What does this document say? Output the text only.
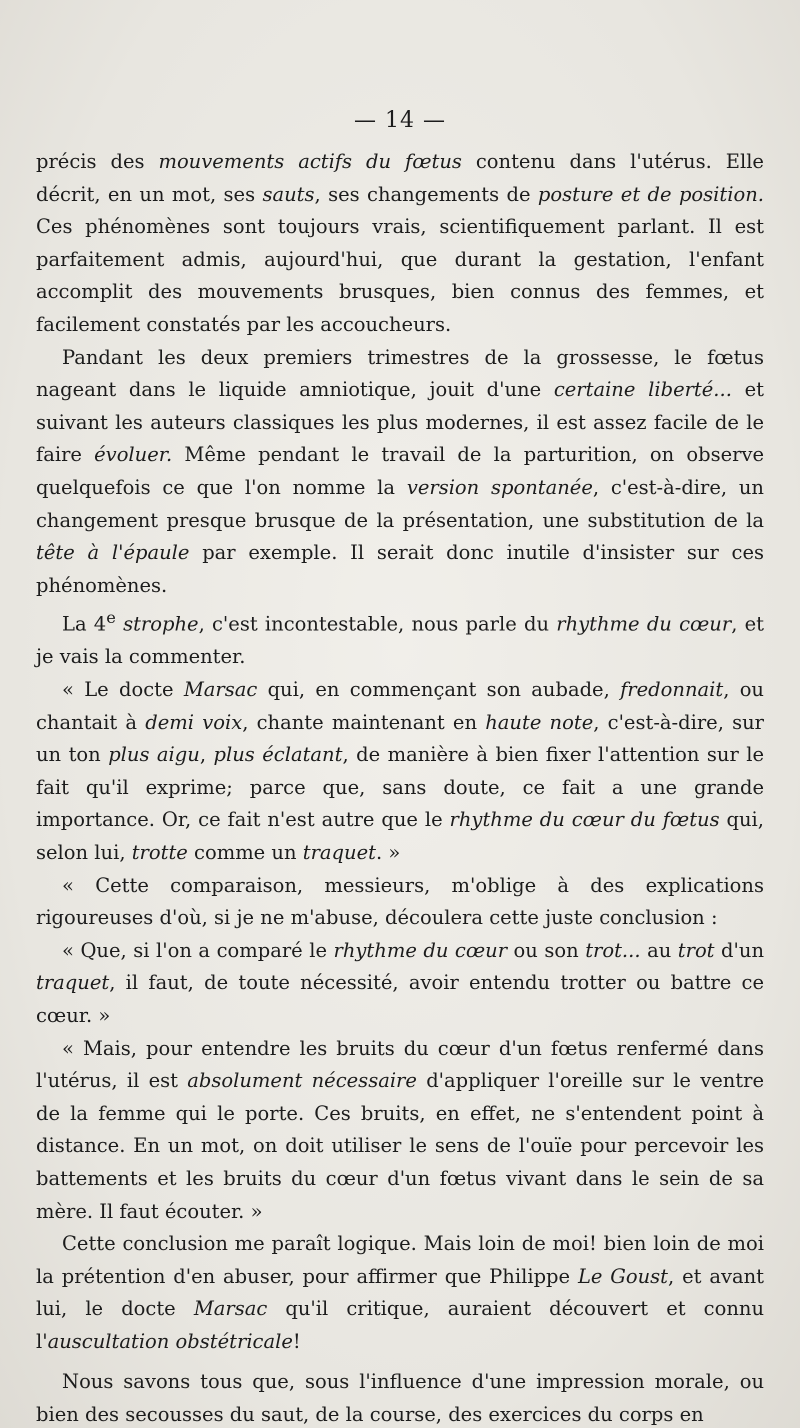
— 14 —

précis des mouvements actifs du fœtus contenu dans l'utérus. Elle décrit, en un mot, ses sauts, ses changements de posture et de position. Ces phénomènes sont toujours vrais, scientifiquement parlant. Il est parfaitement admis, aujourd'hui, que durant la gestation, l'enfant accomplit des mouvements brusques, bien connus des femmes, et facilement constatés par les accoucheurs.

Pandant les deux premiers trimestres de la grossesse, le fœtus nageant dans le liquide amniotique, jouit d'une certaine liberté... et suivant les auteurs classiques les plus modernes, il est assez facile de le faire évoluer. Même pendant le travail de la parturition, on observe quelquefois ce que l'on nomme la version spontanée, c'est-à-dire, un changement presque brusque de la présentation, une substitution de la tête à l'épaule par exemple. Il serait donc inutile d'insister sur ces phénomènes.

La 4e strophe, c'est incontestable, nous parle du rhythme du cœur, et je vais la commenter.

« Le docte Marsac qui, en commençant son aubade, fredonnait, ou chantait à demi voix, chante maintenant en haute note, c'est-à-dire, sur un ton plus aigu, plus éclatant, de manière à bien fixer l'attention sur le fait qu'il exprime; parce que, sans doute, ce fait a une grande importance. Or, ce fait n'est autre que le rhythme du cœur du fœtus qui, selon lui, trotte comme un traquet. »

« Cette comparaison, messieurs, m'oblige à des explications rigoureuses d'où, si je ne m'abuse, découlera cette juste conclusion :

« Que, si l'on a comparé le rhythme du cœur ou son trot... au trot d'un traquet, il faut, de toute nécessité, avoir entendu trotter ou battre ce cœur. »

« Mais, pour entendre les bruits du cœur d'un fœtus renfermé dans l'utérus, il est absolument nécessaire d'appliquer l'oreille sur le ventre de la femme qui le porte. Ces bruits, en effet, ne s'entendent point à distance. En un mot, on doit utiliser le sens de l'ouïe pour percevoir les battements et les bruits du cœur d'un fœtus vivant dans le sein de sa mère. Il faut écouter. »

Cette conclusion me paraît logique. Mais loin de moi! bien loin de moi la prétention d'en abuser, pour affirmer que Philippe Le Goust, et avant lui, le docte Marsac qu'il critique, auraient découvert et connu l'auscultation obstétricale!

Nous savons tous que, sous l'influence d'une impression morale, ou bien des secousses du saut, de la course, des exercices du corps en
